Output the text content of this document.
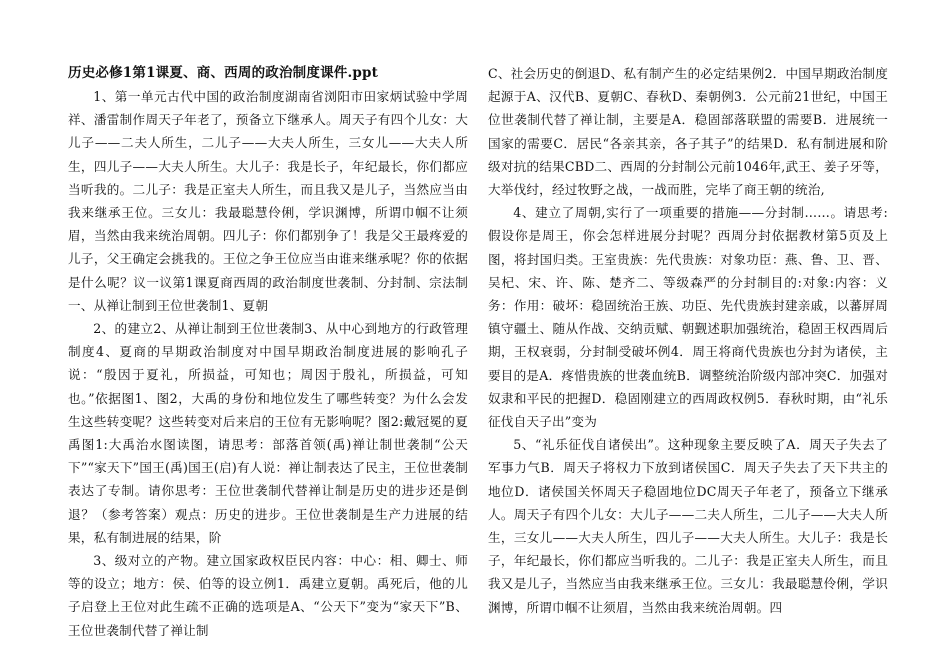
历史必修1第1课夏、商、西周的政治制度课件.ppt

1、第一单元古代中国的政治制度湖南省浏阳市田家炳试验中学周祥、潘雷制作周天子年老了，预备立下继承人。周天子有四个儿女：大儿子——二夫人所生，二儿子——大夫人所生，三女儿——大夫人所生，四儿子——大夫人所生。大儿子：我是长子，年纪最长，你们都应当听我的。二儿子：我是正室夫人所生，而且我又是儿子，当然应当由我来继承王位。三女儿：我最聪慧伶俐，学识渊博，所谓巾帼不让须眉，当然由我来统治周朝。四儿子：你们都别争了！我是父王最疼爱的儿子，父王确定会挑我的。王位之争王位应当由谁来继承呢？你的依据是什么呢？议一议第1课夏商西周的政治制度世袭制、分封制、宗法制一、从禅让制到王位世袭制1、夏朝

2、的建立2、从禅让制到王位世袭制3、从中心到地方的行政管理制度4、夏商的早期政治制度对中国早期政治制度进展的影响孔子说：“殷因于夏礼，所损益，可知也；周因于殷礼，所损益，可知也。”依据图1、图2，大禹的身份和地位发生了哪些转变？为什么会发生这些转变呢？这些转变对后来启的王位有无影响呢？图2:戴冠冕的夏禹图1:大禹治水图读图，请思考：部落首领(禹)禅让制世袭制“公天下”“家天下”国王(禹)国王(启)有人说：禅让制表达了民主，王位世袭制表达了专制。请你思考：王位世袭制代替禅让制是历史的进步还是倒退？（参考答案）观点：历史的进步。王位世袭制是生产力进展的结果，私有制进展的结果，阶

3、级对立的产物。建立国家政权臣民内容：中心：相、卿士、师等的设立；地方：侯、伯等的设立例1．禹建立夏朝。禹死后，他的儿子启登上王位对此生疏不正确的选项是A、“公天下”变为“家天下”B、王位世袭制代替了禅让制

C、社会历史的倒退D、私有制产生的必定结果例2．中国早期政治制度起源于A、汉代B、夏朝C、春秋D、秦朝例3．公元前21世纪，中国王位世袭制代替了禅让制，主要是A．稳固部落联盟的需要B．进展统一国家的需要C．居民“各亲其亲，各子其子”的结果D．私有制进展和阶级对抗的结果CBD二、西周的分封制公元前1046年,武王、姜子牙等，大举伐纣，经过牧野之战，一战而胜，完毕了商王朝的统治,

4、建立了周朝,实行了一项重要的措施——分封制……。请思考:假设你是周王，你会怎样进展分封呢？西周分封依据教材第5页及上图，将封国归类。王室贵族：先代贵族：对象功臣：燕、鲁、卫、晋、吴杞、宋、许、陈、楚齐二、等级森严的分封制目的:对象:内容：义务：作用：破坏：稳固统治王族、功臣、先代贵族封建亲戚，以蕃屏周镇守疆土、随从作战、交纳贡赋、朝觐述职加强统治，稳固王权西周后期，王权衰弱，分封制受破坏例4．周王将商代贵族也分封为诸侯，主要目的是A．疼惜贵族的世袭血统B．调整统治阶级内部冲突C．加强对奴隶和平民的把握D．稳固刚建立的西周政权例5．春秋时期，由“礼乐征伐自天子出”变为

5、“礼乐征伐自诸侯出”。这种现象主要反映了A．周天子失去了军事力气B．周天子将权力下放到诸侯国C．周天子失去了天下共主的地位D．诸侯国关怀周天子稳固地位DC周天子年老了，预备立下继承人。周天子有四个儿女：大儿子——二夫人所生，二儿子——大夫人所生，三女儿——大夫人所生，四儿子——大夫人所生。大儿子：我是长子，年纪最长，你们都应当听我的。二儿子：我是正室夫人所生，而且我又是儿子，当然应当由我来继承王位。三女儿：我最聪慧伶俐，学识渊博，所谓巾帼不让须眉，当然由我来统治周朝。四
